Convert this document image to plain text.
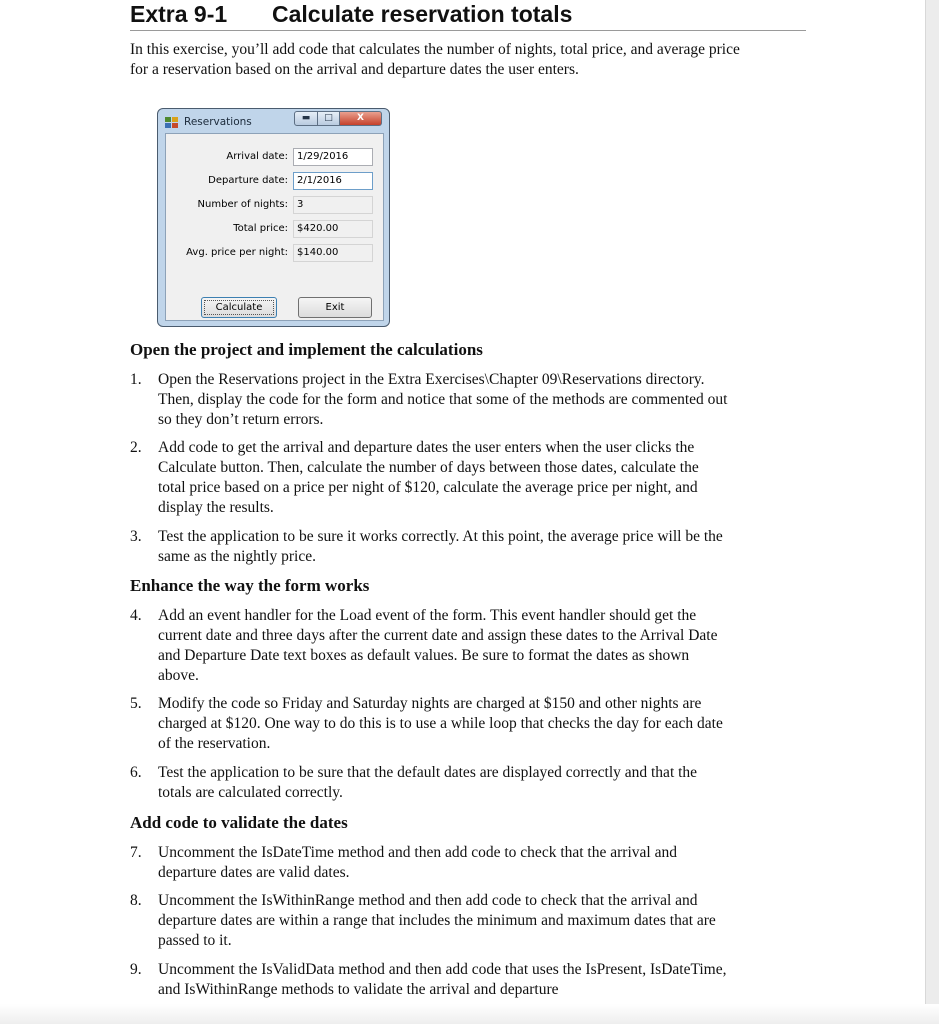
Extra 9-1 Calculate reservation totals
In this exercise, you’ll add code that calculates the number of nights, total price, and average price for a reservation based on the arrival and departure dates the user enters.
Reservations	▬	□	X
Arrival date: 1/29/2016
Departure date: 2/1/2016
Number of nights: 3
Total price: $420.00
Avg. price per night: $140.00
Calculate	Exit
Open the project and implement the calculations
1. Open the Reservations project in the Extra Exercises\Chapter 09\Reservations directory. Then, display the code for the form and notice that some of the methods are commented out so they don’t return errors.
2. Add code to get the arrival and departure dates the user enters when the user clicks the Calculate button. Then, calculate the number of days between those dates, calculate the total price based on a price per night of $120, calculate the average price per night, and display the results.
3. Test the application to be sure it works correctly. At this point, the average price will be the same as the nightly price.
Enhance the way the form works
4. Add an event handler for the Load event of the form. This event handler should get the current date and three days after the current date and assign these dates to the Arrival Date and Departure Date text boxes as default values. Be sure to format the dates as shown above.
5. Modify the code so Friday and Saturday nights are charged at $150 and other nights are charged at $120. One way to do this is to use a while loop that checks the day for each date of the reservation.
6. Test the application to be sure that the default dates are displayed correctly and that the totals are calculated correctly.
Add code to validate the dates
7. Uncomment the IsDateTime method and then add code to check that the arrival and departure dates are valid dates.
8. Uncomment the IsWithinRange method and then add code to check that the arrival and departure dates are within a range that includes the minimum and maximum dates that are passed to it.
9. Uncomment the IsValidData method and then add code that uses the IsPresent, IsDateTime, and IsWithinRange methods to validate the arrival and departure
